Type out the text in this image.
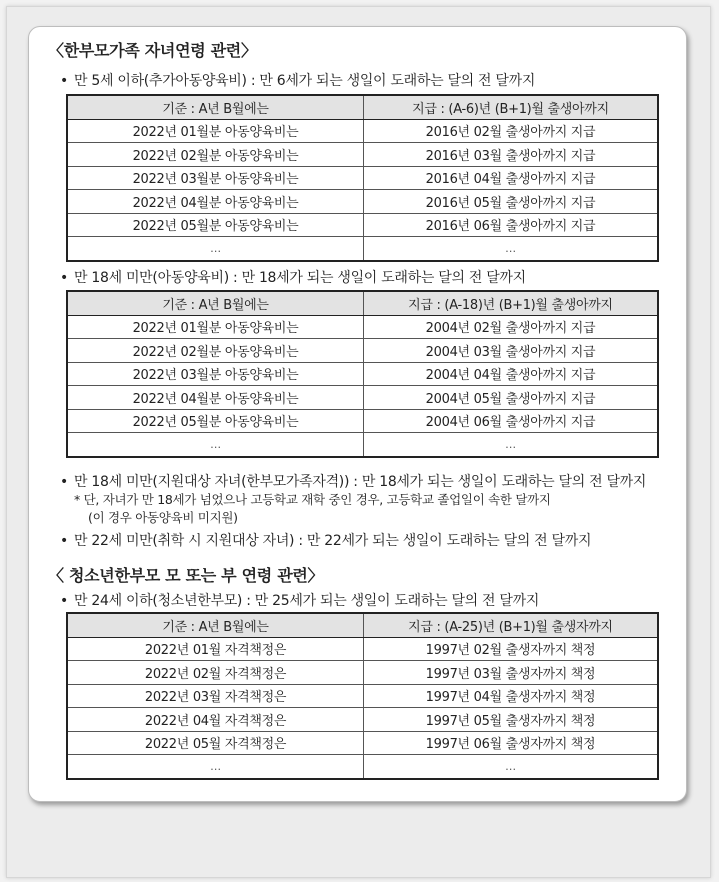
〈한부모가족 자녀연령 관련〉
• 만 5세 이하(추가아동양육비) : 만 6세가 되는 생일이 도래하는 달의 전 달까지
기준 : A년 B월에는	지급 : (A-6)년 (B+1)월 출생아까지
2022년 01월분 아동양육비는	2016년 02월 출생아까지 지급
2022년 02월분 아동양육비는	2016년 03월 출생아까지 지급
2022년 03월분 아동양육비는	2016년 04월 출생아까지 지급
2022년 04월분 아동양육비는	2016년 05월 출생아까지 지급
2022년 05월분 아동양육비는	2016년 06월 출생아까지 지급
…	…
• 만 18세 미만(아동양육비) : 만 18세가 되는 생일이 도래하는 달의 전 달까지
기준 : A년 B월에는	지급 : (A-18)년 (B+1)월 출생아까지
2022년 01월분 아동양육비는	2004년 02월 출생아까지 지급
2022년 02월분 아동양육비는	2004년 03월 출생아까지 지급
2022년 03월분 아동양육비는	2004년 04월 출생아까지 지급
2022년 04월분 아동양육비는	2004년 05월 출생아까지 지급
2022년 05월분 아동양육비는	2004년 06월 출생아까지 지급
…	…
• 만 18세 미만(지원대상 자녀(한부모가족자격)) : 만 18세가 되는 생일이 도래하는 달의 전 달까지
* 단, 자녀가 만 18세가 넘었으나 고등학교 재학 중인 경우, 고등학교 졸업일이 속한 달까지
(이 경우 아동양육비 미지원)
• 만 22세 미만(취학 시 지원대상 자녀) : 만 22세가 되는 생일이 도래하는 달의 전 달까지
〈 청소년한부모 모 또는 부 연령 관련〉
• 만 24세 이하(청소년한부모) : 만 25세가 되는 생일이 도래하는 달의 전 달까지
기준 : A년 B월에는	지급 : (A-25)년 (B+1)월 출생자까지
2022년 01월 자격책정은	1997년 02월 출생자까지 책정
2022년 02월 자격책정은	1997년 03월 출생자까지 책정
2022년 03월 자격책정은	1997년 04월 출생자까지 책정
2022년 04월 자격책정은	1997년 05월 출생자까지 책정
2022년 05월 자격책정은	1997년 06월 출생자까지 책정
…	…
